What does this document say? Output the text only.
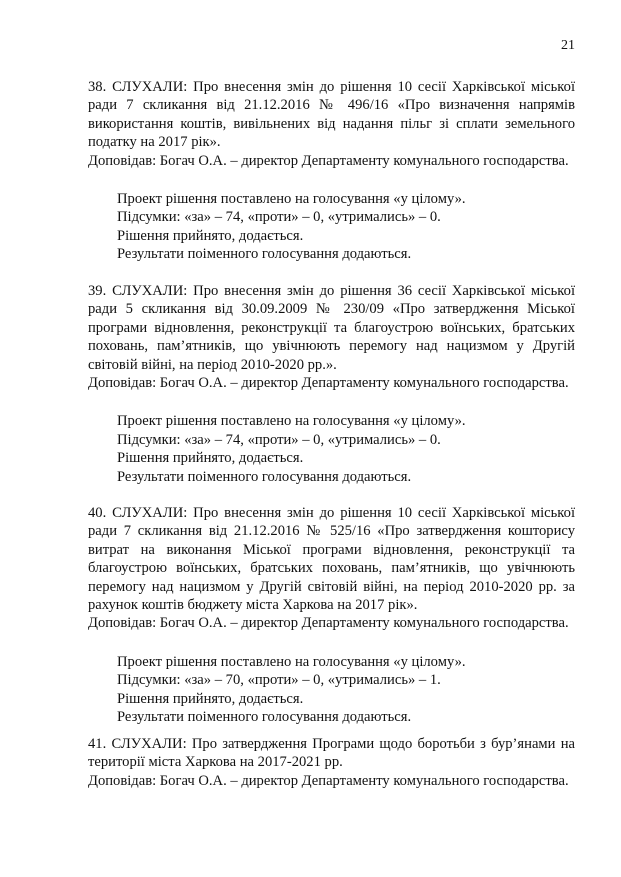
21
38. СЛУХАЛИ: Про внесення змін до рішення 10 сесії Харківської міської
ради 7 скликання від 21.12.2016 № 496/16 «Про визначення напрямів
використання коштів, вивільнених від надання пільг зі сплати земельного
податку на 2017 рік».

Доповідав: Богач О.А. – директор Департаменту комунального господарства.

Проект рішення поставлено на голосування «у цілому».
Підсумки: «за» – 74, «проти» – 0, «утримались» – 0.
Рішення прийнято, додається.
Результати поіменного голосування додаються.
39. СЛУХАЛИ: Про внесення змін до рішення 36 сесії Харківської міської
ради 5 скликання від 30.09.2009 № 230/09 «Про затвердження Міської
програми відновлення, реконструкції та благоустрою воїнських, братських
поховань, пам’ятників, що увічнюють перемогу над нацизмом у Другій
світовій війні, на період 2010-2020 рр.».

Доповідав: Богач О.А. – директор Департаменту комунального господарства.

Проект рішення поставлено на голосування «у цілому».
Підсумки: «за» – 74, «проти» – 0, «утримались» – 0.
Рішення прийнято, додається.
Результати поіменного голосування додаються.
40. СЛУХАЛИ: Про внесення змін до рішення 10 сесії Харківської міської
ради 7 скликання від 21.12.2016 № 525/16 «Про затвердження кошторису
витрат на виконання Міської програми відновлення, реконструкції та
благоустрою воїнських, братських поховань, пам’ятників, що увічнюють
перемогу над нацизмом у Другій світовій війні, на період 2010-2020 рр. за
рахунок коштів бюджету міста Харкова на 2017 рік».

Доповідав: Богач О.А. – директор Департаменту комунального господарства.

Проект рішення поставлено на голосування «у цілому».
Підсумки: «за» – 70, «проти» – 0, «утримались» – 1.
Рішення прийнято, додається.
Результати поіменного голосування додаються.
41. СЛУХАЛИ: Про затвердження Програми щодо боротьби з бур’янами на
території міста Харкова на 2017-2021 рр.

Доповідав: Богач О.А. – директор Департаменту комунального господарства.
